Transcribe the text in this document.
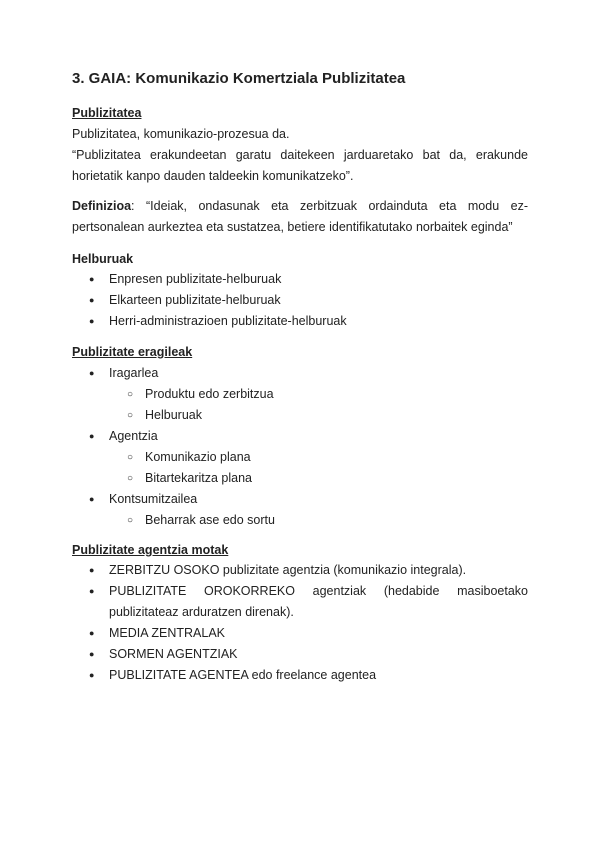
3. GAIA: Komunikazio Komertziala Publizitatea
Publizitatea

Publizitatea, komunikazio-prozesua da.

“Publizitatea erakundeetan garatu daitekeen jarduaretako bat da, erakunde horietatik kanpo dauden taldeekin komunikatzeko”.

Definizioa: “Ideiak, ondasunak eta zerbitzuak ordainduta eta modu ez-pertsonalean aurkeztea eta sustatzea, betiere identifikatutako norbaitek eginda”

Helburuak
● Enpresen publizitate-helburuak
● Elkarteen publizitate-helburuak
● Herri-administrazioen publizitate-helburuak
Publizitate eragileak
● Iragarlea
○ Produktu edo zerbitzua
○ Helburuak
● Agentzia
○ Komunikazio plana
○ Bitartekaritza plana
● Kontsumitzailea
○ Beharrak ase edo sortu
Publizitate agentzia motak
● ZERBITZU OSOKO publizitate agentzia (komunikazio integrala).
● PUBLIZITATE OROKORREKO agentziak (hedabide masiboetako publizitateaz arduratzen direnak).
● MEDIA ZENTRALAK
● SORMEN AGENTZIAK
● PUBLIZITATE AGENTEA edo freelance agentea
